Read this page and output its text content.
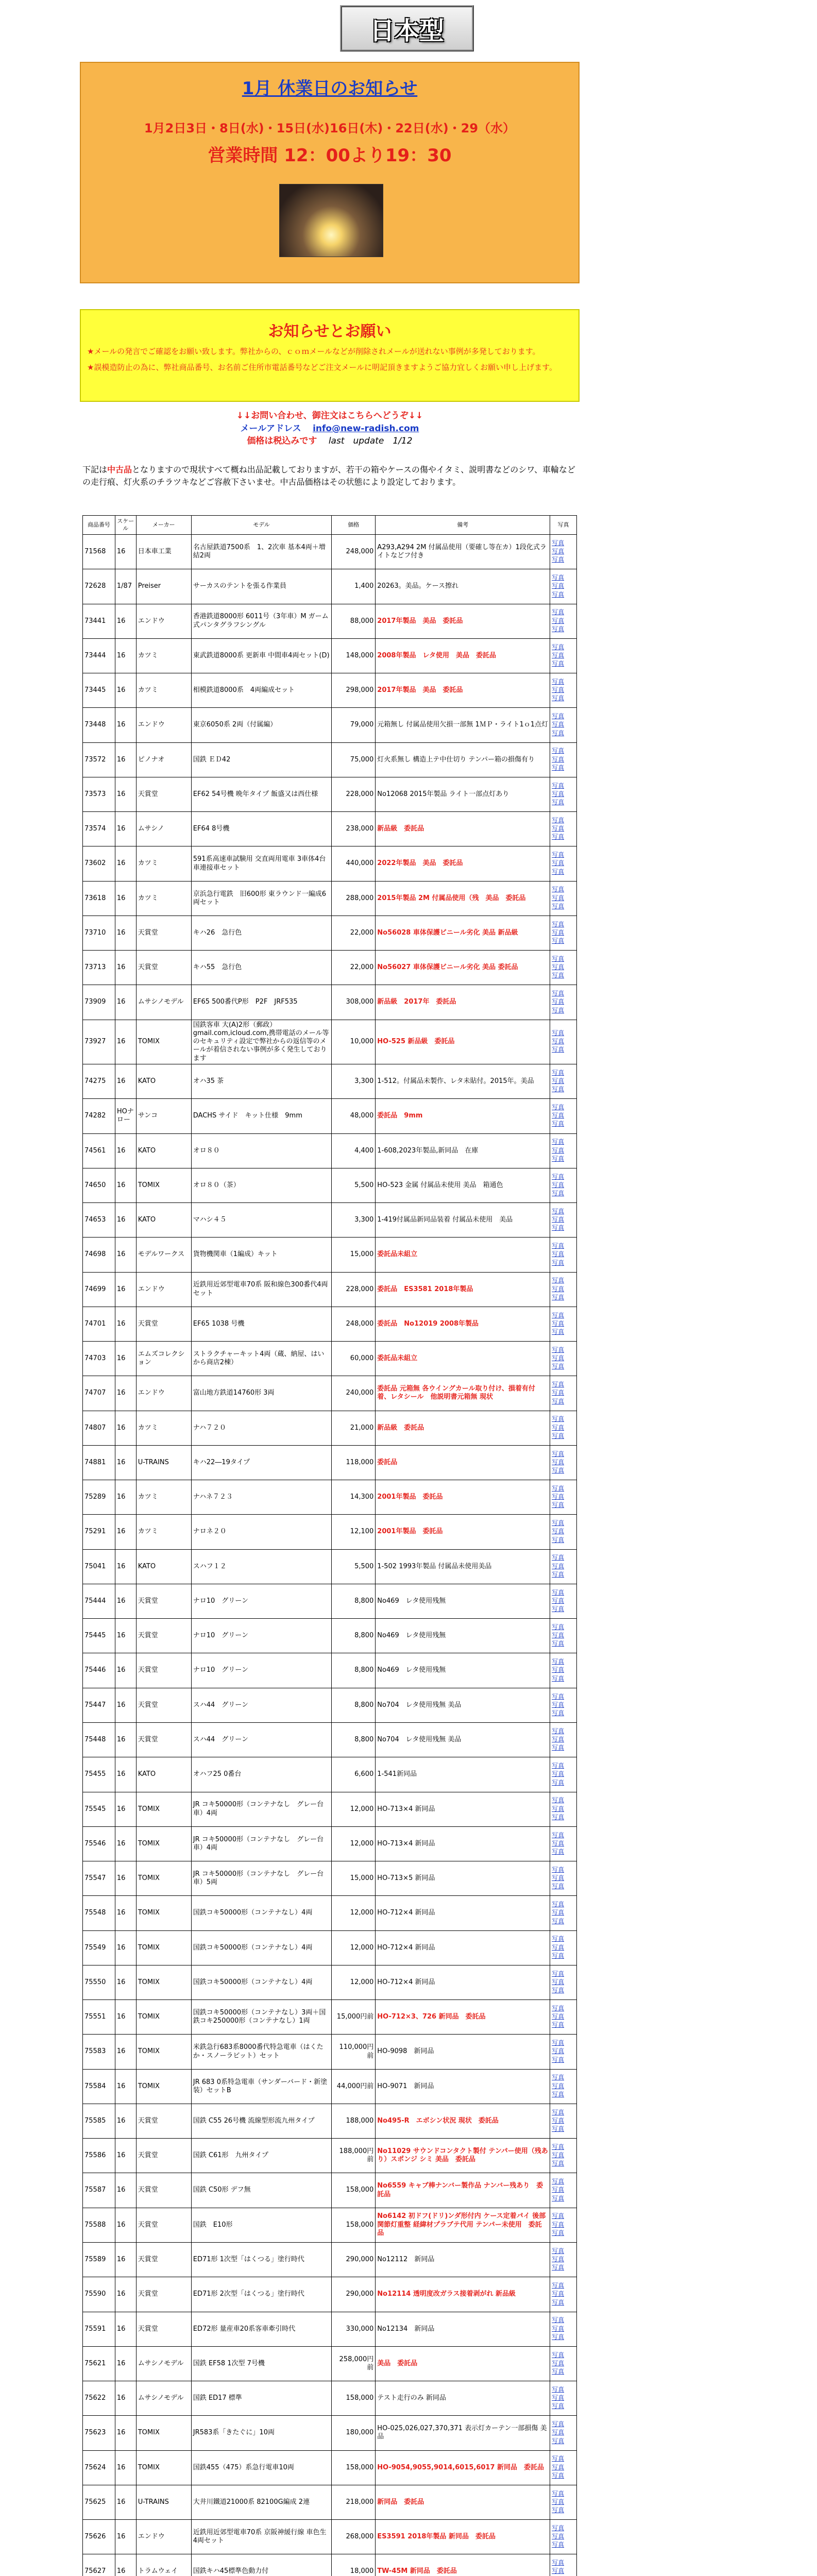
日本型
1月 休業日のお知らせ
1月2日3日・8日(水)・15日(水)16日(木)・22日(水)・29（水）
営業時間 12：00より19：30
お知らせとお願い

★メールの発言でご確認をお願い致します。弊社からの、ｃｏｍメールなどが削除されメールが送れない事例が多発しております。

★誤模造防止の為に、弊社商品番号、お名前ご住所市電話番号などご注文メールに明記頂きますようご協力宜しくお願い申し上げます。

↓↓お問い合わせ、御注文はこちらへどうぞ↓↓
メールアドレス　 info@new-radish.com
価格は税込みです　 last　update　1/12
下記は中古品となりますので現状すべて概ね出品記載しておりますが、若干の箱やケースの傷やイタミ、説明書などのシワ、車輪などの走行痕、灯火系のチラツキなどご容赦下さいませ。中古品価格はその状態により設定しております。
商品番号	スケール	メーカー	モデル	価格	備考	写真
71568	16	日本車工業	名古屋鉄道7500系　1、2次車 基本4両＋増結2両	248,000	A293,A294 2M 付属品使用（要確し等在カ）1段化式ライトなどフ付き	写真
写真
写真
72628	1/87	Preiser	サーカスのテントを張る作業員	1,400	20263。美品。ケース擦れ	写真
写真
写真
73441	16	エンドウ	香港鉄道8000形 6011号（3年車）M ガーム式パンタグラフシングル	88,000	2017年製品　美品　委託品	写真
写真
写真
73444	16	カツミ	東武鉄道8000系 更新車 中間車4両セット(D)	148,000	2008年製品　レタ使用　美品　委託品	写真
写真
写真
73445	16	カツミ	相模鉄道8000系　4両編成セット	298,000	2017年製品　美品　委託品	写真
写真
写真
73448	16	エンドウ	東京6050系 2両（付属編）	79,000	元箱無し 付属品使用欠損一部無 1ＭＰ・ライト1ｏ1点灯	写真
写真
写真
73572	16	ピノナオ	国鉄 ＥＤ42	75,000	灯火系無し 構造上テ中仕切り テンパー箱の損傷有り	写真
写真
写真
73573	16	天賞堂	EF62 54号機 晩年タイプ 飯盛又は西仕様	228,000	No12068 2015年製品 ライト一部点灯あり	写真
写真
写真
73574	16	ムサシノ	EF64 8号機	238,000	新品級　委託品	写真
写真
写真
73602	16	カツミ	591系高速車試験用 交直両用電車 3車体4台車連接車セット	440,000	2022年製品　美品　委託品	写真
写真
写真
73618	16	カツミ	京浜急行電鉄　旧600形 東ラウンド一編成6両セット	288,000	2015年製品 2M 付属品使用（残　美品　委託品	写真
写真
写真
73710	16	天賞堂	キハ26　急行色	22,000	No56028 車体保護ビニール劣化 美品 新品級	写真
写真
写真
73713	16	天賞堂	キハ55　急行色	22,000	No56027 車体保護ビニール劣化 美品 委託品	写真
写真
写真
73909	16	ムサシノモデル	EF65 500番代P形　P2F　JRF535	308,000	新品級　2017年　委託品	写真
写真
写真
73927	16	TOMIX	国鉄客車 大(A)2形（郵政） gmail.com,icloud.com,携帯電話のメール等のセキュリティ設定で弊社からの返信等のメールが着信されない事例が多く発生しております	10,000	HO-525 新品級　委託品	写真
写真
写真
74275	16	KATO	オハ35 茶	3,300	1-512。付属品未製作、レタ未貼付。2015年。美品	写真
写真
写真
74282	HOナロー	サンコ	DACHS サイド　キット仕様　9mm	48,000	委託品　9mm	写真
写真
写真
74561	16	KATO	オロ８０	4,400	1-608,2023年製品,新同品　在庫	写真
写真
写真
74650	16	TOMIX	オロ８０（茶）	5,500	HO-523 金属 付属品未使用 美品　箱通色	写真
写真
写真
74653	16	KATO	マハシ４５	3,300	1-419付属品新同品装着 付属品未使用　美品	写真
写真
写真
74698	16	モデルワークス	貨物機関車（1編成）キット	15,000	委託品未組立	写真
写真
写真
74699	16	エンドウ	近鉄用近郊型電車70系 阪和線色300番代4両セット	228,000	委託品　ES3581 2018年製品	写真
写真
写真
74701	16	天賞堂	EF65 1038 号機	248,000	委託品　No12019 2008年製品	写真
写真
写真
74703	16	エムズコレクション	ストラクチャーキット4両（蔵、納屋、はいから商店2棟）	60,000	委託品未組立	写真
写真
写真
74707	16	エンドウ	富山地方鉄道14760形 3両	240,000	委託品 元箱無 各ウイングカール取り付け、損着有付着、レタシール　他説明書元箱無 現状	写真
写真
写真
74807	16	カツミ	ナハ７２０	21,000	新品級　委託品	写真
写真
写真
74881	16	U-TRAINS	キハ22―19タイプ	118,000	委託品	写真
写真
写真
75289	16	カツミ	ナハネ７２３	14,300	2001年製品　委託品	写真
写真
写真
75291	16	カツミ	ナロネ２０	12,100	2001年製品　委託品	写真
写真
写真
75041	16	KATO	スハフ１２	5,500	1-502 1993年製品 付属品未使用美品	写真
写真
写真
75444	16	天賞堂	ナロ10　グリーン	8,800	No469　レタ使用残無	写真
写真
写真
75445	16	天賞堂	ナロ10　グリーン	8,800	No469　レタ使用残無	写真
写真
写真
75446	16	天賞堂	ナロ10　グリーン	8,800	No469　レタ使用残無	写真
写真
写真
75447	16	天賞堂	スハ44　グリーン	8,800	No704　レタ使用残無 美品	写真
写真
写真
75448	16	天賞堂	スハ44　グリーン	8,800	No704　レタ使用残無 美品	写真
写真
写真
75455	16	KATO	オハフ25 0番台	6,600	1-541新同品	写真
写真
写真
75545	16	TOMIX	JR コキ50000形（コンテナなし　グレー台車）4両	12,000	HO-713×4 新同品	写真
写真
写真
75546	16	TOMIX	JR コキ50000形（コンテナなし　グレー台車）4両	12,000	HO-713×4 新同品	写真
写真
写真
75547	16	TOMIX	JR コキ50000形（コンテナなし　グレー台車）5両	15,000	HO-713×5 新同品	写真
写真
写真
75548	16	TOMIX	国鉄コキ50000形（コンテナなし）4両	12,000	HO-712×4 新同品	写真
写真
写真
75549	16	TOMIX	国鉄コキ50000形（コンテナなし）4両	12,000	HO-712×4 新同品	写真
写真
写真
75550	16	TOMIX	国鉄コキ50000形（コンテナなし）4両	12,000	HO-712×4 新同品	写真
写真
写真
75551	16	TOMIX	国鉄コキ50000形（コンテナなし）3両＋国鉄コキ250000形（コンテナなし）1両	15,000円前	HO-712×3、726 新同品　委託品	写真
写真
写真
75583	16	TOMIX	米鉄急行683系8000番代特急電車（はくたか・スノーラビット）セット	110,000円前	HO-9098　新同品	写真
写真
写真
75584	16	TOMIX	JR 683 0系特急電車（サンダーバード・新塗装）セットB	44,000円前	HO-9071　新同品	写真
写真
写真
75585	16	天賞堂	国鉄 C55 26号機 流線型形流九州タイプ	188,000	No495-R　エボシン状況 現状　委託品	写真
写真
写真
75586	16	天賞堂	国鉄 C61形　九州タイプ	188,000円前	No11029 サウンドコンタクト製付 テンパー使用（残あり）スポンジ シミ 美品　委託品	写真
写真
写真
75587	16	天賞堂	国鉄 C50形 デフ無	158,000	No6559 キャブ棒ナンバー製作品 ナンバー残あり　委託品	写真
写真
写真
75588	16	天賞堂	国鉄　E10形	158,000	No6142 初ドフ(ドリ)ンダ形付内 ケース定着パイ 後部関節灯重整 経緯材プラブテ代用 テンパー未使用　委託品	写真
写真
写真
75589	16	天賞堂	ED71形 1次型「はくつる」塗行時代	290,000	No12112　新同品	写真
写真
写真
75590	16	天賞堂	ED71形 2次型「はくつる」塗行時代	290,000	No12114 透明度改ガラス接着剥がれ 新品級	写真
写真
写真
75591	16	天賞堂	ED72形 量産車20系客車牽引時代	330,000	No12134　新同品	写真
写真
写真
75621	16	ムサシノモデル	国鉄 EF58 1次型 7号機	258,000円前	美品　委託品	写真
写真
写真
75622	16	ムサシノモデル	国鉄 ED17 標準	158,000	テスト走行のみ 新同品	写真
写真
写真
75623	16	TOMIX	JR583系「きたぐに」10両	180,000	HO-025,026,027,370,371 表示灯カーテン一部損傷 美品	写真
写真
写真
75624	16	TOMIX	国鉄455（475）系急行電車10両	158,000	HO-9054,9055,9014,6015,6017 新同品　委託品	写真
写真
写真
75625	16	U-TRAINS	大井川鐵道21000系 82100G編成 2連	218,000	新同品　委託品	写真
写真
写真
75626	16	エンドウ	近鉄用近郊型電車70系 京阪神緩行線 車色生 4両セット	268,000	ES3591 2018年製品 新同品　委託品	写真
写真
写真
75627	16	トラムウェイ	国鉄キハ45標準色動力付	18,000	TW-45M 新同品　委託品	写真
写真
